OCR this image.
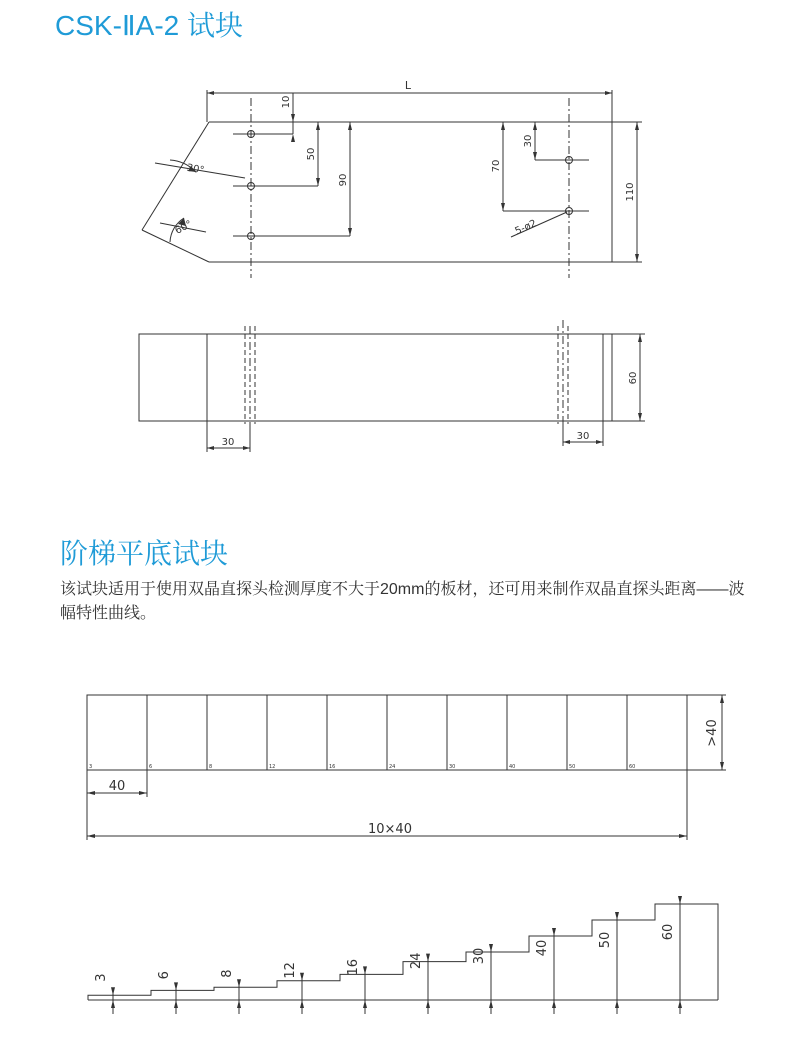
CSK-ⅡA-2 试块
L
10
50
90
70
30
110
30°
60°	5-ø2
60
30
30
阶梯平底试块

该试块适用于使用双晶直探头检测厚度不大于20mm的板材，还可用来制作双晶直探头距离——波幅特性曲线。

3	6	8	12	16	24	30	40	50	60
>40
40
10×40
3	6	8	12	16	24	30	40	50	60
